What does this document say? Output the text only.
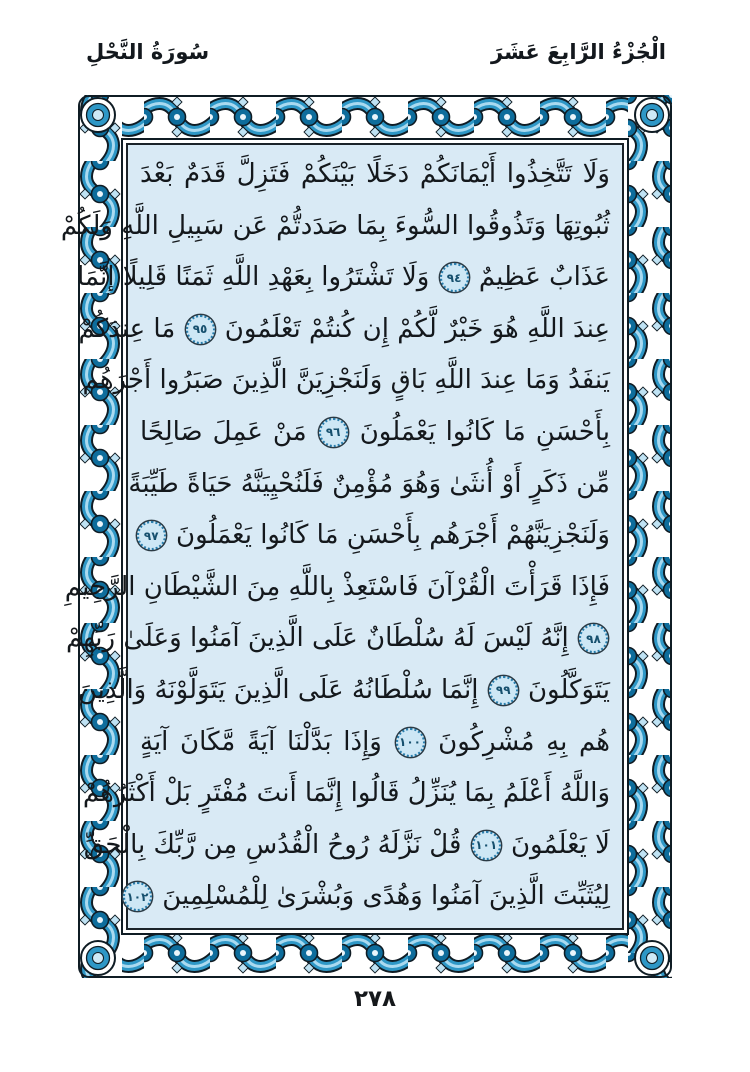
الْجُزْءُ الرَّابِعَ عَشَرَ
سُورَةُ النَّحْلِ
وَلَا تَتَّخِذُوا أَيْمَانَكُمْ دَخَلًا بَيْنَكُمْ فَتَزِلَّ قَدَمٌ بَعْدَ
ثُبُوتِهَا وَتَذُوقُوا السُّوءَ بِمَا صَدَدتُّمْ عَن سَبِيلِ اللَّهِ وَلَكُمْ
عَذَابٌ عَظِيمٌ ٩٤ وَلَا تَشْتَرُوا بِعَهْدِ اللَّهِ ثَمَنًا قَلِيلًا إِنَّمَا
عِندَ اللَّهِ هُوَ خَيْرٌ لَّكُمْ إِن كُنتُمْ تَعْلَمُونَ ٩٥ مَا عِندَكُمْ
يَنفَدُ وَمَا عِندَ اللَّهِ بَاقٍ وَلَنَجْزِيَنَّ الَّذِينَ صَبَرُوا أَجْرَهُم
بِأَحْسَنِ مَا كَانُوا يَعْمَلُونَ ٩٦ مَنْ عَمِلَ صَالِحًا
مِّن ذَكَرٍ أَوْ أُنثَىٰ وَهُوَ مُؤْمِنٌ فَلَنُحْيِيَنَّهُ حَيَاةً طَيِّبَةً
وَلَنَجْزِيَنَّهُمْ أَجْرَهُم بِأَحْسَنِ مَا كَانُوا يَعْمَلُونَ ٩٧
فَإِذَا قَرَأْتَ الْقُرْآنَ فَاسْتَعِذْ بِاللَّهِ مِنَ الشَّيْطَانِ الرَّجِيمِ
٩٨ إِنَّهُ لَيْسَ لَهُ سُلْطَانٌ عَلَى الَّذِينَ آمَنُوا وَعَلَىٰ رَبِّهِمْ
يَتَوَكَّلُونَ ٩٩ إِنَّمَا سُلْطَانُهُ عَلَى الَّذِينَ يَتَوَلَّوْنَهُ وَالَّذِينَ
هُم بِهِ مُشْرِكُونَ ١٠٠ وَإِذَا بَدَّلْنَا آيَةً مَّكَانَ آيَةٍ
وَاللَّهُ أَعْلَمُ بِمَا يُنَزِّلُ قَالُوا إِنَّمَا أَنتَ مُفْتَرٍ بَلْ أَكْثَرُهُمْ
لَا يَعْلَمُونَ ١٠١ قُلْ نَزَّلَهُ رُوحُ الْقُدُسِ مِن رَّبِّكَ بِالْحَقِّ
لِيُثَبِّتَ الَّذِينَ آمَنُوا وَهُدًى وَبُشْرَىٰ لِلْمُسْلِمِينَ ١٠٢
٢٧٨
